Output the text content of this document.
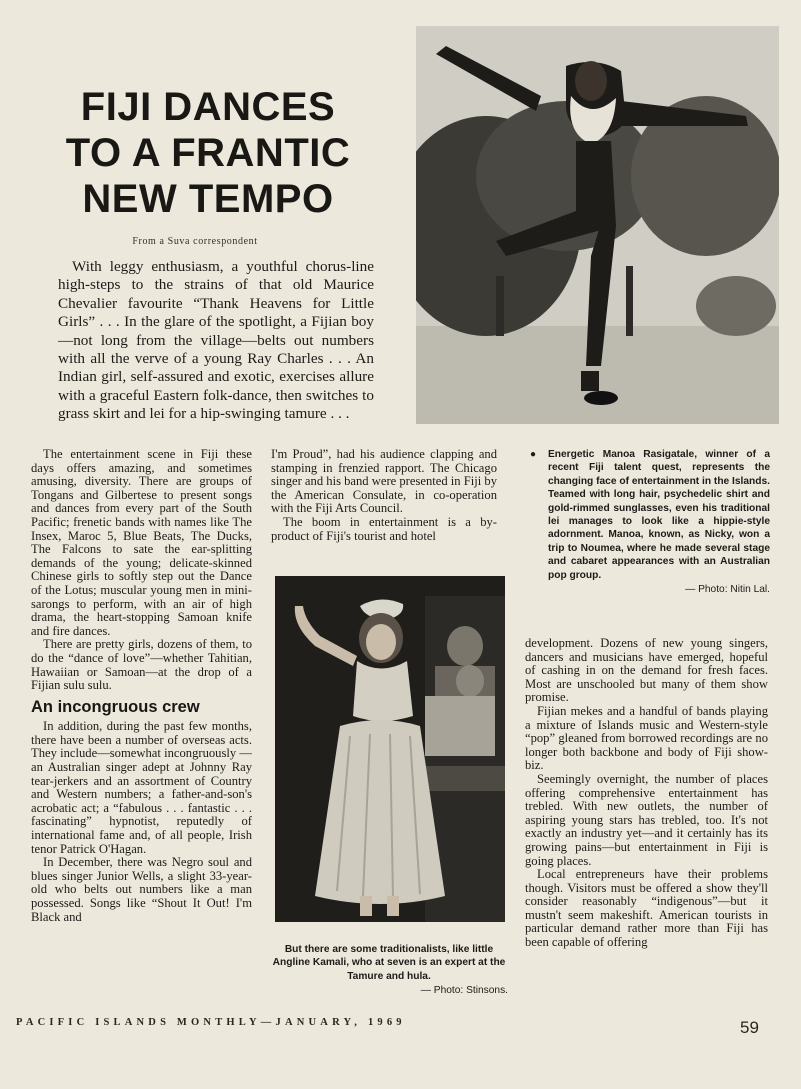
FIJI DANCES
TO A FRANTIC
NEW TEMPO
From a Suva correspondent

With leggy enthusiasm, a youthful chorus-line high-steps to the strains of that old Maurice Chevalier favourite “Thank Heavens for Little Girls” . . . In the glare of the spotlight, a Fijian boy—not long from the village—belts out numbers with all the verve of a young Ray Charles . . . An Indian girl, self-assured and exotic, exercises allure with a graceful Eastern folk-dance, then switches to grass skirt and lei for a hip-swinging tamure . . .

The entertainment scene in Fiji these days offers amazing, and sometimes amusing, diversity. There are groups of Tongans and Gilbertese to present songs and dances from every part of the South Pacific; frenetic bands with names like The Insex, Maroc 5, Blue Beats, The Ducks, The Falcons to sate the ear-splitting demands of the young; delicate-skinned Chinese girls to softly step out the Dance of the Lotus; muscular young men in mini-sarongs to perform, with an air of high drama, the heart-stopping Samoan knife and fire dances.

There are pretty girls, dozens of them, to do the “dance of love”—whether Tahitian, Hawaiian or Samoan—at the drop of a Fijian sulu sulu.

An incongruous crew

In addition, during the past few months, there have been a number of overseas acts. They include—somewhat incongruously — an Australian singer adept at Johnny Ray tear-jerkers and an assortment of Country and Western numbers; a father-and-son's acrobatic act; a “fabulous . . . fantastic . . . fascinating” hypnotist, reputedly of international fame and, of all people, Irish tenor Patrick O'Hagan.

In December, there was Negro soul and blues singer Junior Wells, a slight 33-year-old who belts out numbers like a man possessed. Songs like “Shout It Out! I'm Black and

I'm Proud”, had his audience clapping and stamping in frenzied rapport. The Chicago singer and his band were presented in Fiji by the American Consulate, in co-operation with the Fiji Arts Council.

The boom in entertainment is a by-product of Fiji's tourist and hotel

But there are some traditionalists, like little Angline Kamali, who at seven is an expert at the Tamure and hula.
— Photo: Stinsons.
●	Energetic Manoa Rasigatale, winner of a recent Fiji talent quest, represents the changing face of entertainment in the Islands. Teamed with long hair, psychedelic shirt and gold-rimmed sunglasses, even his traditional lei manages to look like a hippie-style adornment. Manoa, known, as Nicky, won a trip to Noumea, where he made several stage and cabaret appearances with an Australian pop group.
— Photo: Nitin Lal.

development. Dozens of new young singers, dancers and musicians have emerged, hopeful of cashing in on the demand for fresh faces. Most are unschooled but many of them show promise.

Fijian mekes and a handful of bands playing a mixture of Islands music and Western-style “pop” gleaned from borrowed recordings are no longer both backbone and body of Fiji show-biz.

Seemingly overnight, the number of places offering comprehensive entertainment has trebled. With new outlets, the number of aspiring young stars has trebled, too. It's not exactly an industry yet—and it certainly has its growing pains—but entertainment in Fiji is going places.

Local entrepreneurs have their problems though. Visitors must be offered a show they'll consider reasonably “indigenous”—but it mustn't seem makeshift. American tourists in particular demand rather more than Fiji has been capable of offering

PACIFIC ISLANDS MONTHLY—JANUARY, 1969	59
